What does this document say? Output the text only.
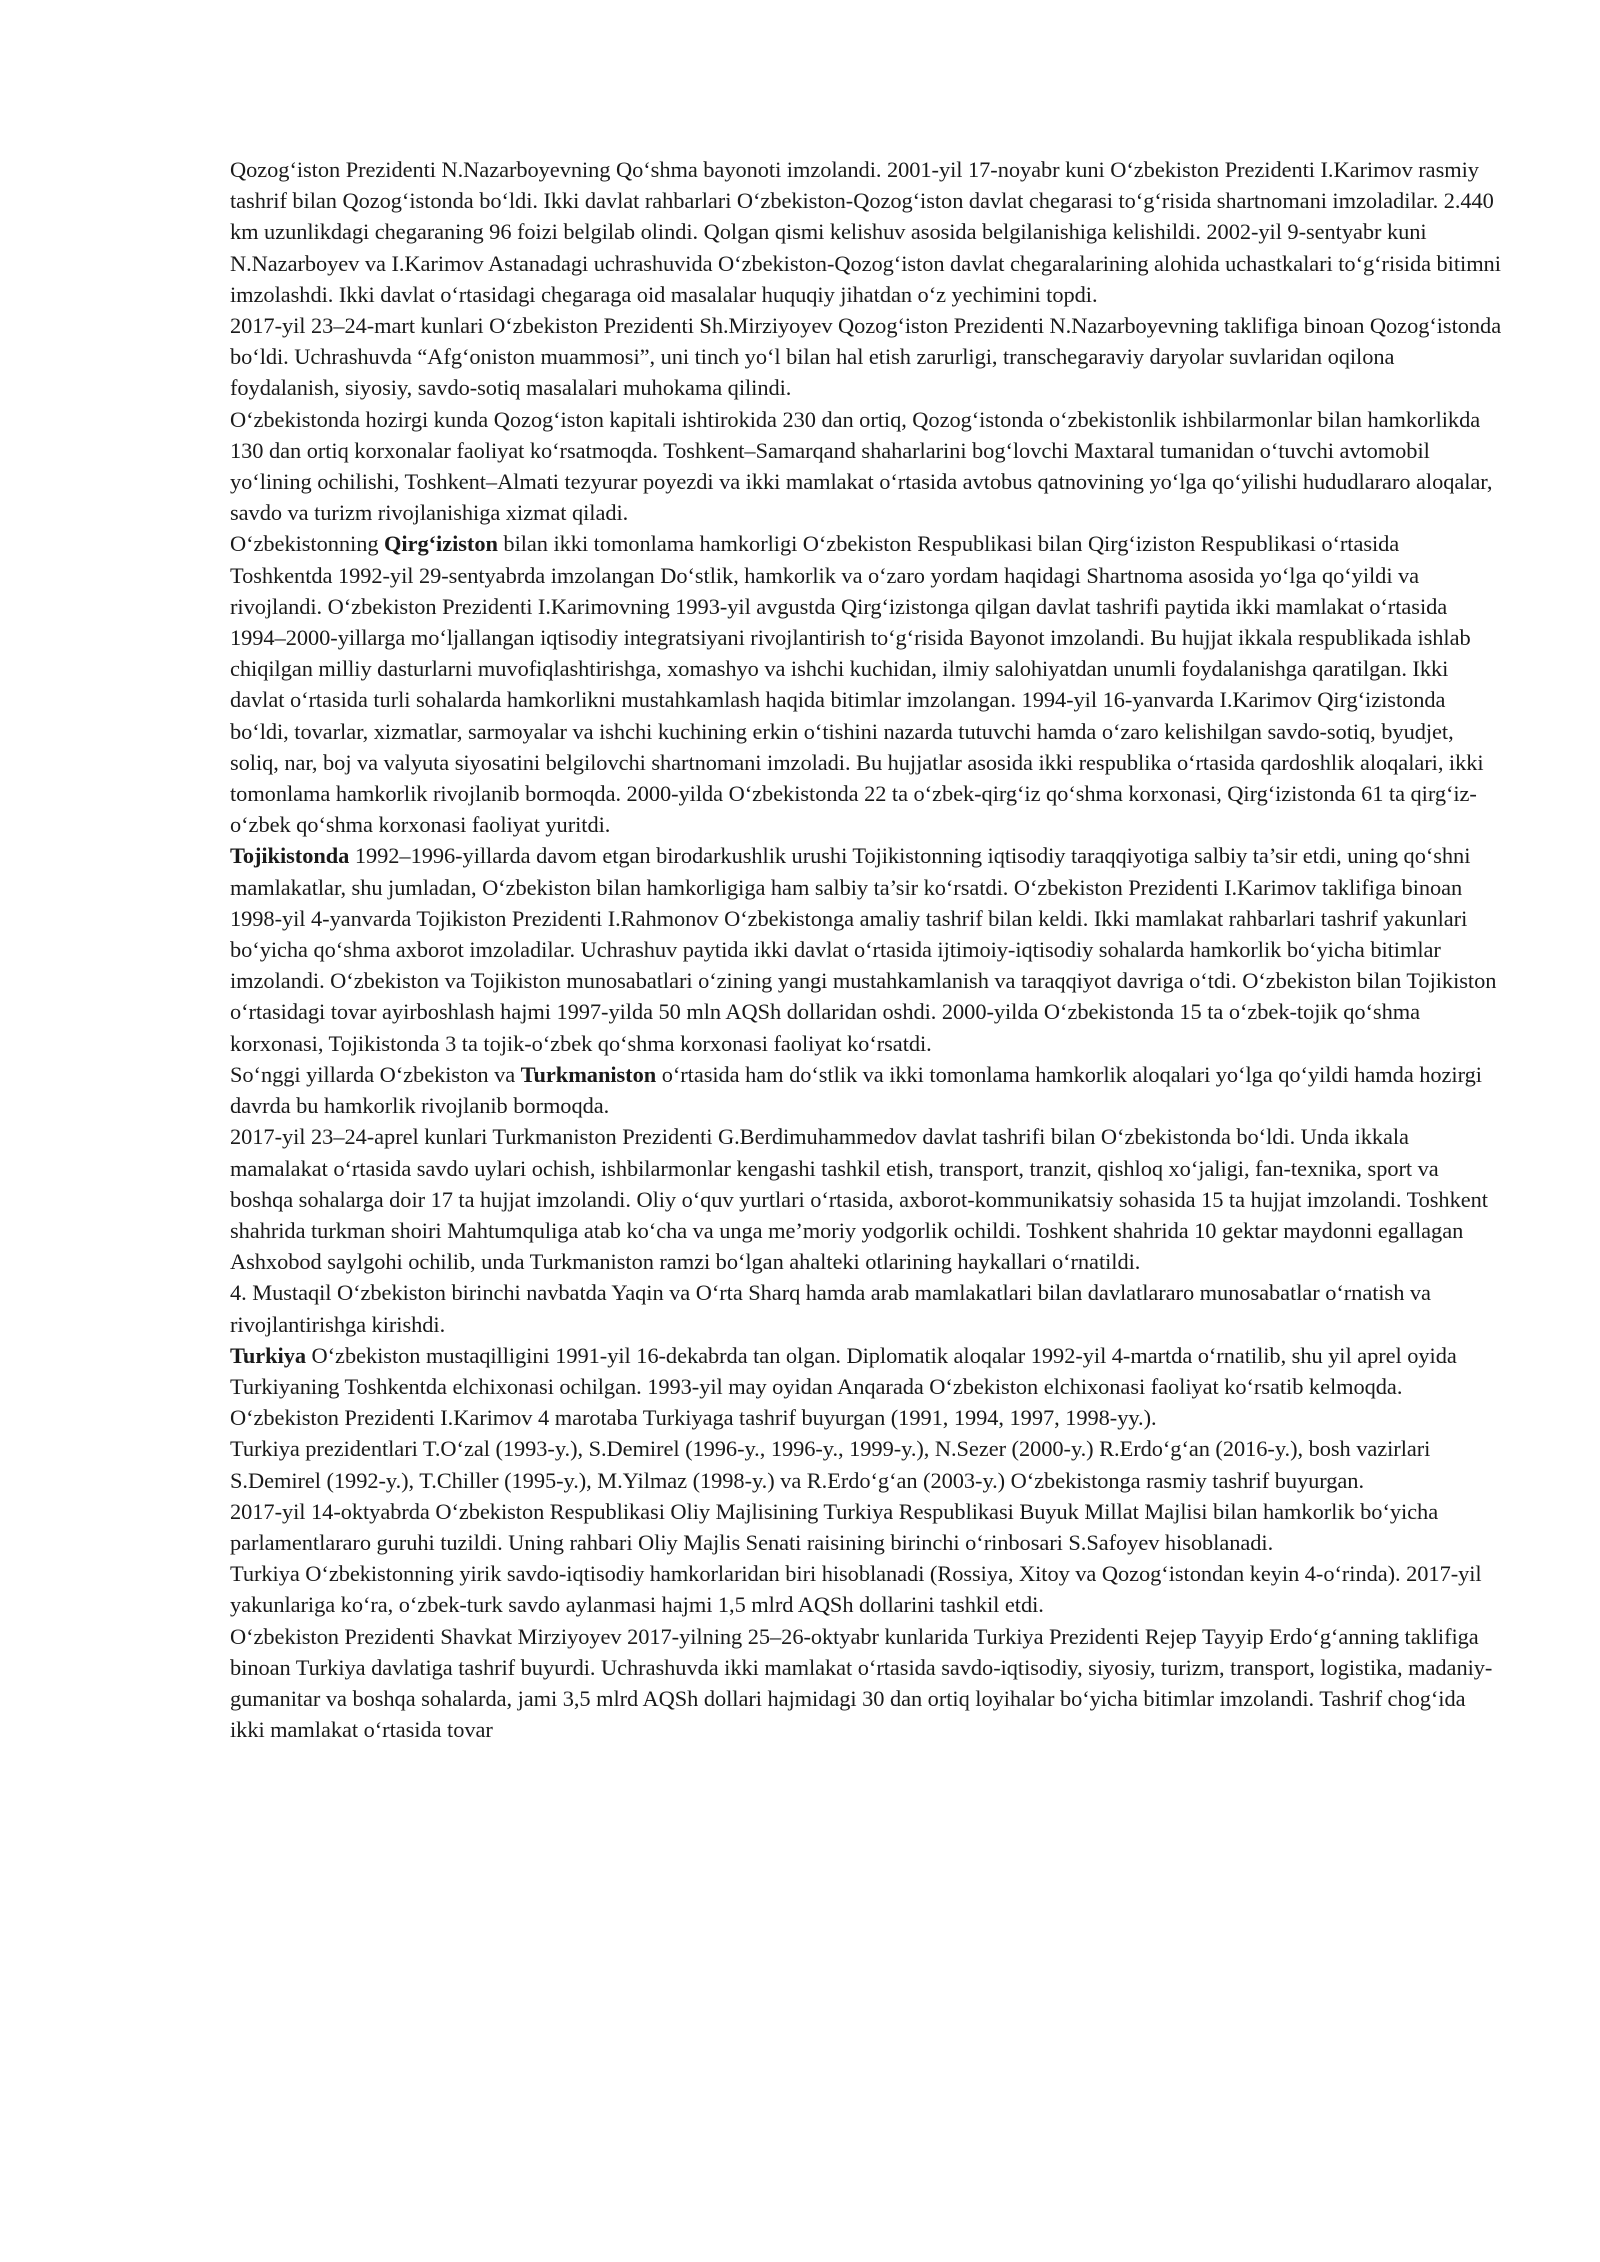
Qozog‘iston Prezidenti N.Nazarboyevning Qo‘shma bayonoti imzolandi. 2001-yil 17-noyabr kuni O‘zbekiston Prezidenti I.Karimov rasmiy tashrif bilan Qozog‘istonda bo‘ldi. Ikki davlat rahbarlari O‘zbekiston-Qozog‘iston davlat chegarasi to‘g‘risida shartnomani imzoladilar. 2.440 km uzunlikdagi chegaraning 96 foizi belgilab olindi. Qolgan qismi kelishuv asosida belgilanishiga kelishildi. 2002-yil 9-sentyabr kuni N.Nazarboyev va I.Karimov Astanadagi uchrashuvida O‘zbekiston-Qozog‘iston davlat chegaralarining alohida uchastkalari to‘g‘risida bitimni imzolashdi. Ikki davlat o‘rtasidagi chegaraga oid masalalar huquqiy jihatdan o‘z yechimini topdi.

2017-yil 23–24-mart kunlari O‘zbekiston Prezidenti Sh.Mirziyoyev Qozog‘iston Prezidenti N.Nazarboyevning taklifiga binoan Qozog‘istonda bo‘ldi. Uchrashuvda “Afg‘oniston muammosi”, uni tinch yo‘l bilan hal etish zarurligi, transchegaraviy daryolar suvlaridan oqilona foydalanish, siyosiy, savdo-sotiq masalalari muhokama qilindi.

O‘zbekistonda hozirgi kunda Qozog‘iston kapitali ishtirokida 230 dan ortiq, Qozog‘istonda o‘zbekistonlik ishbilarmonlar bilan hamkorlikda 130 dan ortiq korxonalar faoliyat ko‘rsatmoqda. Toshkent–Samarqand shaharlarini bog‘lovchi Maxtaral tumanidan o‘tuvchi avtomobil yo‘lining ochilishi, Toshkent–Almati tezyurar poyezdi va ikki mamlakat o‘rtasida avtobus qatnovining yo‘lga qo‘yilishi hududlararo aloqalar, savdo va turizm rivojlanishiga xizmat qiladi.

O‘zbekistonning Qirg‘iziston bilan ikki tomonlama hamkorligi O‘zbekiston Respublikasi bilan Qirg‘iziston Respublikasi o‘rtasida Toshkentda 1992-yil 29-sentyabrda imzolangan Do‘stlik, hamkorlik va o‘zaro yordam haqidagi Shartnoma asosida yo‘lga qo‘yildi va rivojlandi. O‘zbekiston Prezidenti I.Karimovning 1993-yil avgustda Qirg‘izistonga qilgan davlat tashrifi paytida ikki mamlakat o‘rtasida 1994–2000-yillarga mo‘ljallangan iqtisodiy integratsiyani rivojlantirish to‘g‘risida Bayonot imzolandi. Bu hujjat ikkala respublikada ishlab chiqilgan milliy dasturlarni muvofiqlashtirishga, xomashyo va ishchi kuchidan, ilmiy salohiyatdan unumli foydalanishga qaratilgan. Ikki davlat o‘rtasida turli sohalarda hamkorlikni mustahkamlash haqida bitimlar imzolangan. 1994-yil 16-yanvarda I.Karimov Qirg‘izistonda bo‘ldi, tovarlar, xizmatlar, sarmoyalar va ishchi kuchining erkin o‘tishini nazarda tutuvchi hamda o‘zaro kelishilgan savdo-sotiq, byudjet, soliq, nar, boj va valyuta siyosatini belgilovchi shartnomani imzoladi. Bu hujjatlar asosida ikki respublika o‘rtasida qardoshlik aloqalari, ikki tomonlama hamkorlik rivojlanib bormoqda. 2000-yilda O‘zbekistonda 22 ta o‘zbek-qirg‘iz qo‘shma korxonasi, Qirg‘izistonda 61 ta qirg‘iz-o‘zbek qo‘shma korxonasi faoliyat yuritdi.

Tojikistonda 1992–1996-yillarda davom etgan birodarkushlik urushi Tojikistonning iqtisodiy taraqqiyotiga salbiy ta’sir etdi, uning qo‘shni mamlakatlar, shu jumladan, O‘zbekiston bilan hamkorligiga ham salbiy ta’sir ko‘rsatdi. O‘zbekiston Prezidenti I.Karimov taklifiga binoan 1998-yil 4-yanvarda Tojikiston Prezidenti I.Rahmonov O‘zbekistonga amaliy tashrif bilan keldi. Ikki mamlakat rahbarlari tashrif yakunlari bo‘yicha qo‘shma axborot imzoladilar. Uchrashuv paytida ikki davlat o‘rtasida ijtimoiy-iqtisodiy sohalarda hamkorlik bo‘yicha bitimlar imzolandi. O‘zbekiston va Tojikiston munosabatlari o‘zining yangi mustahkamlanish va taraqqiyot davriga o‘tdi. O‘zbekiston bilan Tojikiston o‘rtasidagi tovar ayirboshlash hajmi 1997-yilda 50 mln AQSh dollaridan oshdi. 2000-yilda O‘zbekistonda 15 ta o‘zbek-tojik qo‘shma korxonasi, Tojikistonda 3 ta tojik-o‘zbek qo‘shma korxonasi faoliyat ko‘rsatdi.

So‘nggi yillarda O‘zbekiston va Turkmaniston o‘rtasida ham do‘stlik va ikki tomonlama hamkorlik aloqalari yo‘lga qo‘yildi hamda hozirgi davrda bu hamkorlik rivojlanib bormoqda.

2017-yil 23–24-aprel kunlari Turkmaniston Prezidenti G.Berdimuhammedov davlat tashrifi bilan O‘zbekistonda bo‘ldi. Unda ikkala mamalakat o‘rtasida savdo uylari ochish, ishbilarmonlar kengashi tashkil etish, transport, tranzit, qishloq xo‘jaligi, fan-texnika, sport va boshqa sohalarga doir 17 ta hujjat imzolandi. Oliy o‘quv yurtlari o‘rtasida, axborot-kommunikatsiy sohasida 15 ta hujjat imzolandi. Toshkent shahrida turkman shoiri Mahtumquliga atab ko‘cha va unga me’moriy yodgorlik ochildi. Toshkent shahrida 10 gektar maydonni egallagan Ashxobod saylgohi ochilib, unda Turkmaniston ramzi bo‘lgan ahalteki otlarining haykallari o‘rnatildi.

4. Mustaqil O‘zbekiston birinchi navbatda Yaqin va O‘rta Sharq hamda arab mamlakatlari bilan davlatlararo munosabatlar o‘rnatish va rivojlantirishga kirishdi.

Turkiya O‘zbekiston mustaqilligini 1991-yil 16-dekabrda tan olgan. Diplomatik aloqalar 1992-yil 4-martda o‘rnatilib, shu yil aprel oyida Turkiyaning Toshkentda elchixonasi ochilgan. 1993-yil may oyidan Anqarada O‘zbekiston elchixonasi faoliyat ko‘rsatib kelmoqda. O‘zbekiston Prezidenti I.Karimov 4 marotaba Turkiyaga tashrif buyurgan (1991, 1994, 1997, 1998-yy.).

Turkiya prezidentlari T.O‘zal (1993-y.), S.Demirel (1996-y., 1996-y., 1999-y.), N.Sezer (2000-y.) R.Erdo‘g‘an (2016-y.), bosh vazirlari S.Demirel (1992-y.), T.Chiller (1995-y.), M.Yilmaz (1998-y.) va R.Erdo‘g‘an (2003-y.) O‘zbekistonga rasmiy tashrif buyurgan.

2017-yil 14-oktyabrda O‘zbekiston Respublikasi Oliy Majlisining Turkiya Respublikasi Buyuk Millat Majlisi bilan hamkorlik bo‘yicha parlamentlararo guruhi tuzildi. Uning rahbari Oliy Majlis Senati raisining birinchi o‘rinbosari S.Safoyev hisoblanadi.

Turkiya O‘zbekistonning yirik savdo-iqtisodiy hamkorlaridan biri hisoblanadi (Rossiya, Xitoy va Qozog‘istondan keyin 4-o‘rinda). 2017-yil yakunlariga ko‘ra, o‘zbek-turk savdo aylanmasi hajmi 1,5 mlrd AQSh dollarini tashkil etdi.

O‘zbekiston Prezidenti Shavkat Mirziyoyev 2017-yilning 25–26-oktyabr kunlarida Turkiya Prezidenti Rejep Tayyip Erdo‘g‘anning taklifiga binoan Turkiya davlatiga tashrif buyurdi. Uchrashuvda ikki mamlakat o‘rtasida savdo-iqtisodiy, siyosiy, turizm, transport, logistika, madaniy-gumanitar va boshqa sohalarda, jami 3,5 mlrd AQSh dollari hajmidagi 30 dan ortiq loyihalar bo‘yicha bitimlar imzolandi. Tashrif chog‘ida ikki mamlakat o‘rtasida tovar
